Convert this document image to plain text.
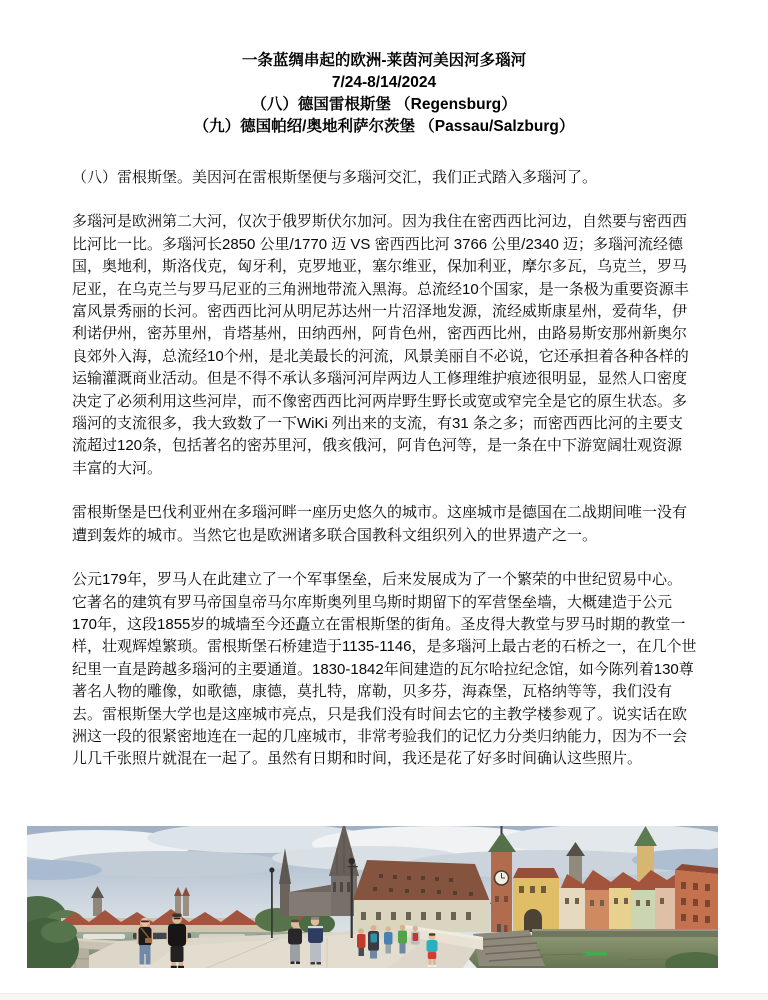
一条蓝绸串起的欧洲-莱茵河美因河多瑙河
7/24-8/14/2024
（八）德国雷根斯堡 （Regensburg）
（九）德国帕绍/奥地利萨尔茨堡 （Passau/Salzburg）

（八）雷根斯堡。美因河在雷根斯堡便与多瑙河交汇，我们正式踏入多瑙河了。

多瑙河是欧洲第二大河，仅次于俄罗斯伏尔加河。因为我住在密西西比河边，自然要与密西西比河比一比。多瑙河长2850 公里/1770 迈 VS 密西西比河 3766 公里/2340 迈；多瑙河流经德国，奥地利，斯洛伐克，匈牙利，克罗地亚，塞尔维亚，保加利亚，摩尔多瓦，乌克兰，罗马尼亚，在乌克兰与罗马尼亚的三角洲地带流入黑海。总流经10个国家，是一条极为重要资源丰富风景秀丽的长河。密西西比河从明尼苏达州一片沼泽地发源，流经威斯康星州，爱荷华，伊利诺伊州，密苏里州，肯塔基州，田纳西州，阿肯色州，密西西比州，由路易斯安那州新奥尔良郊外入海，总流经10个州，是北美最长的河流，风景美丽自不必说，它还承担着各种各样的运输灌溉商业活动。但是不得不承认多瑙河河岸两边人工修理维护痕迹很明显，显然人口密度决定了必须利用这些河岸，而不像密西西比河两岸野生野长或宽或窄完全是它的原生状态。多瑙河的支流很多，我大致数了一下WiKi 列出来的支流，有31 条之多；而密西西比河的主要支流超过120条，包括著名的密苏里河，俄亥俄河，阿肯色河等，是一条在中下游宽阔壮观资源丰富的大河。

雷根斯堡是巴伐利亚州在多瑙河畔一座历史悠久的城市。这座城市是德国在二战期间唯一没有遭到轰炸的城市。当然它也是欧洲诸多联合国教科文组织列入的世界遗产之一。

公元179年，罗马人在此建立了一个军事堡垒，后来发展成为了一个繁荣的中世纪贸易中心。它著名的建筑有罗马帝国皇帝马尔库斯奥列里乌斯时期留下的军营堡垒墙，大概建造于公元170年，这段1855岁的城墙至今还矗立在雷根斯堡的街角。圣皮得大教堂与罗马时期的教堂一样，壮观辉煌繁琐。雷根斯堡石桥建造于1135-1146，是多瑙河上最古老的石桥之一，在几个世纪里一直是跨越多瑙河的主要通道。1830-1842年间建造的瓦尔哈拉纪念馆，如今陈列着130尊著名人物的雕像，如歌德，康德，莫扎特，席勒，贝多芬，海森堡，瓦格纳等等，我们没有去。雷根斯堡大学也是这座城市亮点，只是我们没有时间去它的主教学楼参观了。说实话在欧洲这一段的很紧密地连在一起的几座城市，非常考验我们的记忆力分类归纳能力，因为不一会儿几千张照片就混在一起了。虽然有日期和时间，我还是花了好多时间确认这些照片。
